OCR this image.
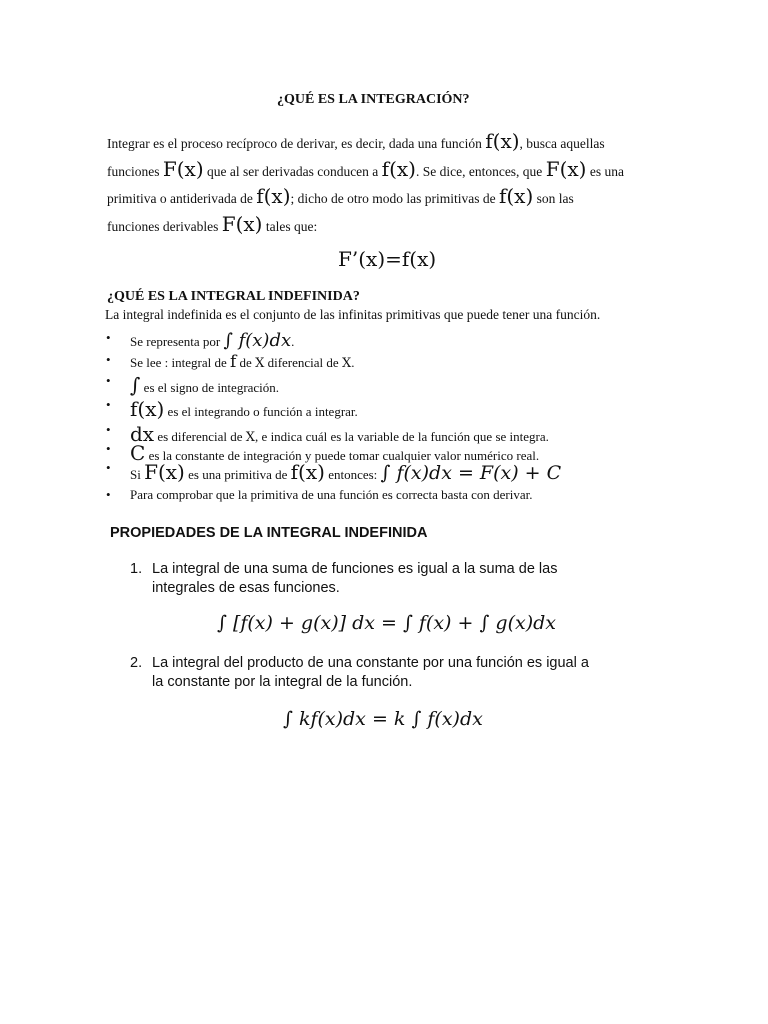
¿QUÉ ES LA INTEGRACIÓN?
Integrar es el proceso recíproco de derivar, es decir, dada una función f(x), busca aquellas
funciones F(x) que al ser derivadas conducen a f(x). Se dice, entonces, que F(x) es una
primitiva o antiderivada de f(x); dicho de otro modo las primitivas de f(x) son las
funciones derivables F(x) tales que:
F’(x)=f(x)
¿QUÉ ES LA INTEGRAL INDEFINIDA?
La integral indefinida es el conjunto de las infinitas primitivas que puede tener una función.
• Se representa por ∫ f(x)dx.
• Se lee : integral de f de X diferencial de X.
• ∫ es el signo de integración.
• f(x) es el integrando o función a integrar.
• dx es diferencial de X, e indica cuál es la variable de la función que se integra.
• C es la constante de integración y puede tomar cualquier valor numérico real.
• Si F(x) es una primitiva de f(x) entonces: ∫ f(x)dx = F(x) + C
• Para comprobar que la primitiva de una función es correcta basta con derivar.
PROPIEDADES DE LA INTEGRAL INDEFINIDA
1. La integral de una suma de funciones es igual a la suma de las
integrales de esas funciones.
∫ [f(x) + g(x)] dx = ∫ f(x) + ∫ g(x)dx
2. La integral del producto de una constante por una función es igual a
la constante por la integral de la función.
∫ kf(x)dx = k ∫ f(x)dx
